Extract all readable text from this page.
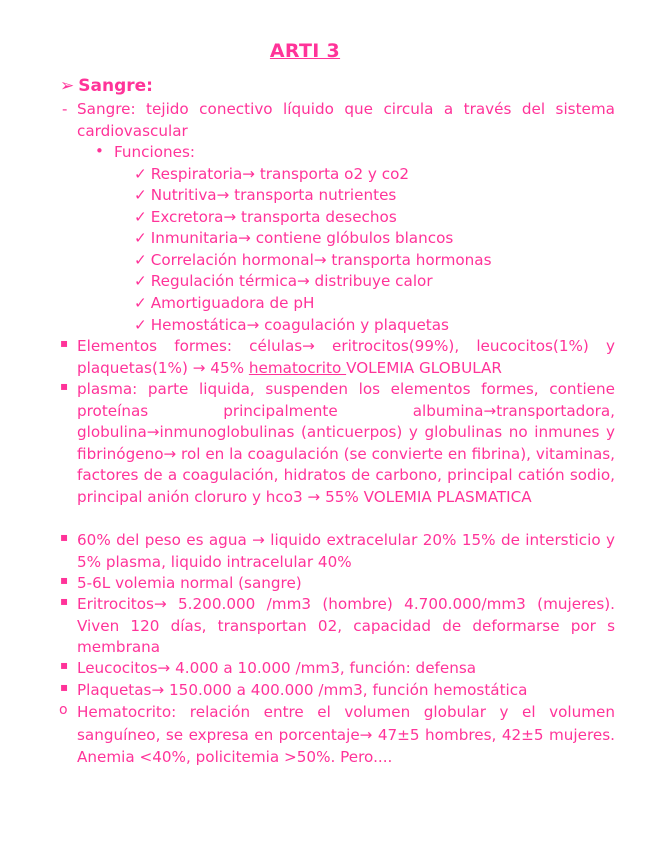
ARTI 3
➢ Sangre:
- Sangre: tejido conectivo líquido que circula a través del sistema cardiovascular
• Funciones:
✓ Respiratoria→ transporta o2 y co2
✓ Nutritiva→ transporta nutrientes
✓ Excretora→ transporta desechos
✓ Inmunitaria→ contiene glóbulos blancos
✓ Correlación hormonal→ transporta hormonas
✓ Regulación térmica→ distribuye calor
✓ Amortiguadora de pH
✓ Hemostática→ coagulación y plaquetas
▪ Elementos formes: células→ eritrocitos(99%), leucocitos(1%) y plaquetas(1%) → 45% hematocrito VOLEMIA GLOBULAR
▪ plasma: parte liquida, suspenden los elementos formes, contiene proteínas principalmente albumina→transportadora, globulina→inmunoglobulinas (anticuerpos) y globulinas no inmunes y fibrinógeno→ rol en la coagulación (se convierte en fibrina), vitaminas, factores de a coagulación, hidratos de carbono, principal catión sodio, principal anión cloruro y hco3 → 55% VOLEMIA PLASMATICA
▪ 60% del peso es agua → liquido extracelular 20% 15% de intersticio y 5% plasma, liquido intracelular 40%
▪ 5-6L volemia normal (sangre)
▪ Eritrocitos→ 5.200.000 /mm3 (hombre) 4.700.000/mm3 (mujeres). Viven 120 días, transportan 02, capacidad de deformarse por s membrana
▪ Leucocitos→ 4.000 a 10.000 /mm3, función: defensa
▪ Plaquetas→ 150.000 a 400.000 /mm3, función hemostática
o Hematocrito: relación entre el volumen globular y el volumen sanguíneo, se expresa en porcentaje→ 47±5 hombres, 42±5 mujeres. Anemia <40%, policitemia >50%. Pero....
